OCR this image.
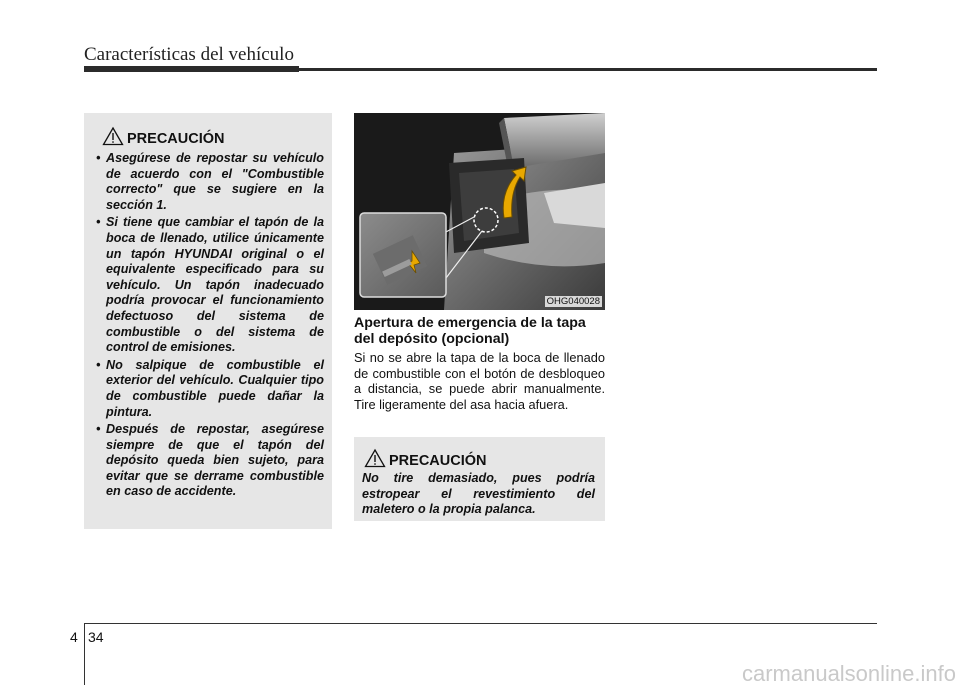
Características del vehículo
PRECAUCIÓN
• Asegúrese de repostar su vehículo de acuerdo con el "Combustible correcto" que se sugiere en la sección 1.
• Si tiene que cambiar el tapón de la boca de llenado, utilice únicamente un tapón HYUNDAI original o el equivalente especificado para su vehículo. Un tapón inadecuado podría provocar el funcionamiento defectuoso del sistema de combustible o del sistema de control de emisiones.
• No salpique de combustible el exterior del vehículo. Cualquier tipo de combustible puede dañar la pintura.
• Después de repostar, asegúrese siempre de que el tapón del depósito queda bien sujeto, para evitar que se derrame combustible en caso de accidente.
OHG040028
Apertura de emergencia de la tapa del depósito (opcional)
Si no se abre la tapa de la boca de llenado de combustible con el botón de desbloqueo a distancia, se puede abrir manualmente. Tire ligeramente del asa hacia afuera.
PRECAUCIÓN
No tire demasiado, pues podría estropear el revestimiento del maletero o la propia palanca.
4 34
carmanualsonline.info
